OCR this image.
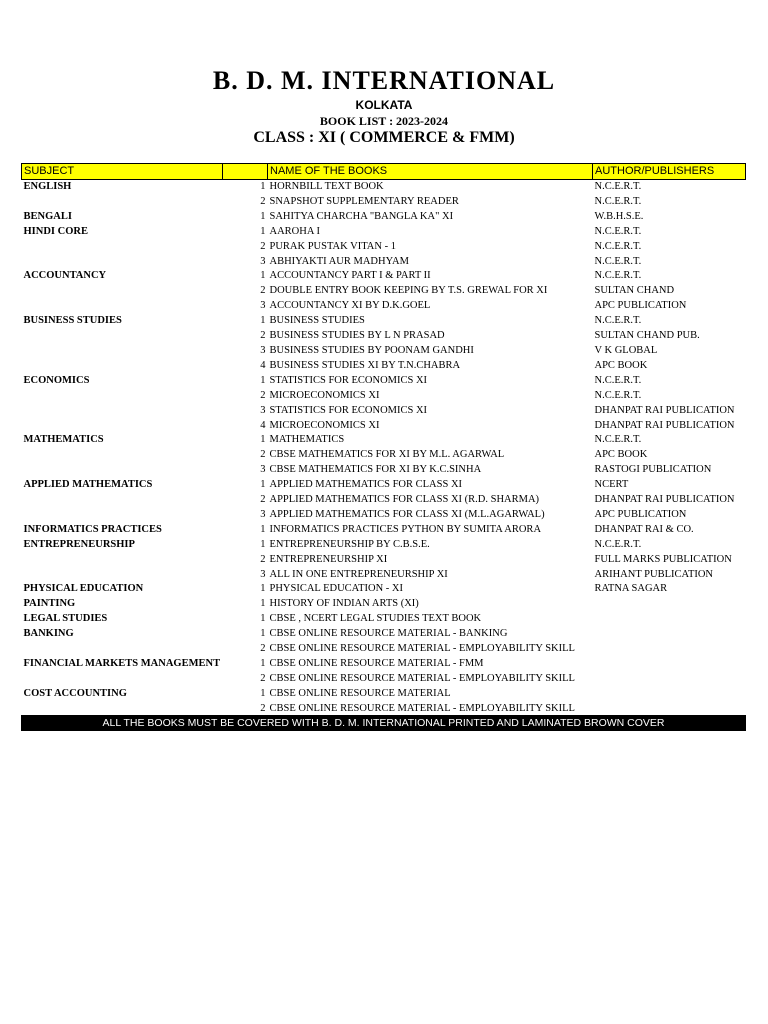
B. D. M. INTERNATIONAL
KOLKATA
BOOK LIST : 2023-2024
CLASS : XI ( COMMERCE & FMM)
SUBJECT		NAME OF THE BOOKS	AUTHOR/PUBLISHERS
ENGLISH	1	HORNBILL TEXT BOOK	N.C.E.R.T.
	2	SNAPSHOT SUPPLEMENTARY READER	N.C.E.R.T.
BENGALI	1	SAHITYA CHARCHA "BANGLA KA" XI	W.B.H.S.E.
HINDI CORE	1	AAROHA I	N.C.E.R.T.
	2	PURAK PUSTAK VITAN - 1	N.C.E.R.T.
	3	ABHIYAKTI AUR MADHYAM	N.C.E.R.T.
ACCOUNTANCY	1	ACCOUNTANCY PART I & PART II	N.C.E.R.T.
	2	DOUBLE ENTRY BOOK KEEPING BY T.S. GREWAL FOR XI	SULTAN CHAND
	3	ACCOUNTANCY XI BY D.K.GOEL	APC PUBLICATION
BUSINESS STUDIES	1	BUSINESS STUDIES	N.C.E.R.T.
	2	BUSINESS STUDIES BY L N PRASAD	SULTAN CHAND PUB.
	3	BUSINESS STUDIES BY POONAM GANDHI	V K GLOBAL
	4	BUSINESS STUDIES XI BY T.N.CHABRA	APC BOOK
ECONOMICS	1	STATISTICS FOR ECONOMICS XI	N.C.E.R.T.
	2	MICROECONOMICS XI	N.C.E.R.T.
	3	STATISTICS FOR ECONOMICS XI	DHANPAT RAI PUBLICATION
	4	MICROECONOMICS XI	DHANPAT RAI PUBLICATION
MATHEMATICS	1	MATHEMATICS	N.C.E.R.T.
	2	CBSE MATHEMATICS FOR XI BY M.L. AGARWAL	APC BOOK
	3	CBSE MATHEMATICS FOR XI BY K.C.SINHA	RASTOGI PUBLICATION
APPLIED MATHEMATICS	1	APPLIED MATHEMATICS FOR CLASS XI	NCERT
	2	APPLIED MATHEMATICS FOR CLASS XI (R.D. SHARMA)	DHANPAT RAI PUBLICATION
	3	APPLIED MATHEMATICS FOR CLASS XI (M.L.AGARWAL)	APC PUBLICATION
INFORMATICS PRACTICES	1	INFORMATICS PRACTICES PYTHON BY SUMITA ARORA	DHANPAT RAI & CO.
ENTREPRENEURSHIP	1	ENTREPRENEURSHIP BY C.B.S.E.	N.C.E.R.T.
	2	ENTREPRENEURSHIP XI	FULL MARKS PUBLICATION
	3	ALL IN ONE ENTREPRENEURSHIP XI	ARIHANT PUBLICATION
PHYSICAL EDUCATION	1	PHYSICAL EDUCATION - XI	RATNA SAGAR
PAINTING	1	HISTORY OF INDIAN ARTS (XI)	
LEGAL STUDIES	1	CBSE , NCERT LEGAL STUDIES TEXT BOOK	
BANKING	1	CBSE ONLINE RESOURCE MATERIAL - BANKING	
	2	CBSE ONLINE RESOURCE MATERIAL - EMPLOYABILITY SKILL	
FINANCIAL MARKETS MANAGEMENT	1	CBSE ONLINE RESOURCE MATERIAL - FMM	
	2	CBSE ONLINE RESOURCE MATERIAL - EMPLOYABILITY SKILL	
COST ACCOUNTING	1	CBSE ONLINE RESOURCE MATERIAL	
	2	CBSE ONLINE RESOURCE MATERIAL - EMPLOYABILITY SKILL	
ALL THE BOOKS MUST BE COVERED WITH B. D. M. INTERNATIONAL PRINTED AND LAMINATED BROWN COVER
